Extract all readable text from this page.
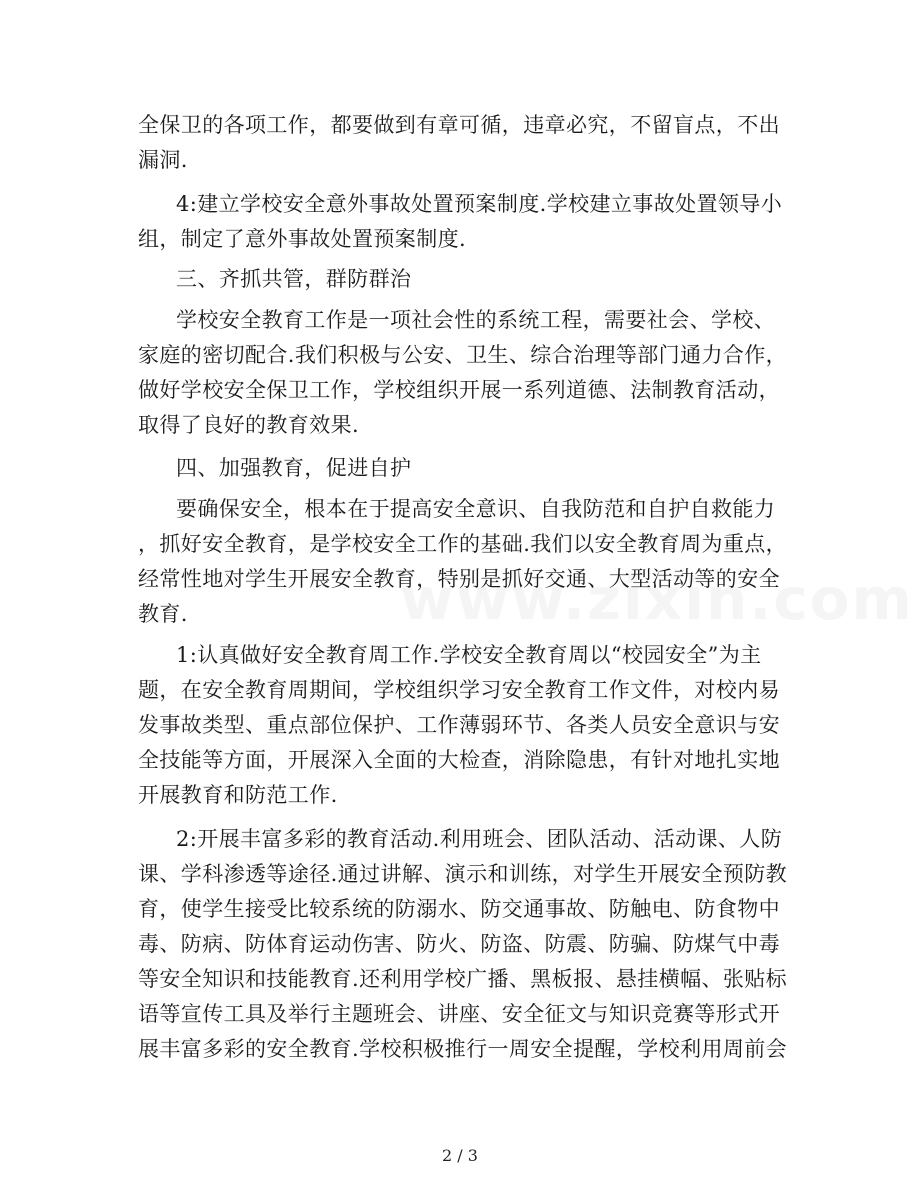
全保卫的各项工作，都要做到有章可循，违章必究，不留盲点，不出
漏洞.
4:建立学校安全意外事故处置预案制度.学校建立事故处置领导小
组，制定了意外事故处置预案制度.
三、齐抓共管，群防群治
学校安全教育工作是一项社会性的系统工程，需要社会、学校、
家庭的密切配合.我们积极与公安、卫生、综合治理等部门通力合作，
做好学校安全保卫工作，学校组织开展一系列道德、法制教育活动，
取得了良好的教育效果.
四、加强教育，促进自护
要确保安全，根本在于提高安全意识、自我防范和自护自救能力
，抓好安全教育，是学校安全工作的基础.我们以安全教育周为重点，
经常性地对学生开展安全教育，特别是抓好交通、大型活动等的安全
教育.
1:认真做好安全教育周工作.学校安全教育周以“校园安全”为主
题，在安全教育周期间，学校组织学习安全教育工作文件，对校内易
发事故类型、重点部位保护、工作薄弱环节、各类人员安全意识与安
全技能等方面，开展深入全面的大检查，消除隐患，有针对地扎实地
开展教育和防范工作.
2:开展丰富多彩的教育活动.利用班会、团队活动、活动课、人防
课、学科渗透等途径.通过讲解、演示和训练，对学生开展安全预防教
育，使学生接受比较系统的防溺水、防交通事故、防触电、防食物中
毒、防病、防体育运动伤害、防火、防盗、防震、防骗、防煤气中毒
等安全知识和技能教育.还利用学校广播、黑板报、悬挂横幅、张贴标
语等宣传工具及举行主题班会、讲座、安全征文与知识竞赛等形式开
展丰富多彩的安全教育.学校积极推行一周安全提醒，学校利用周前会
2 / 3
